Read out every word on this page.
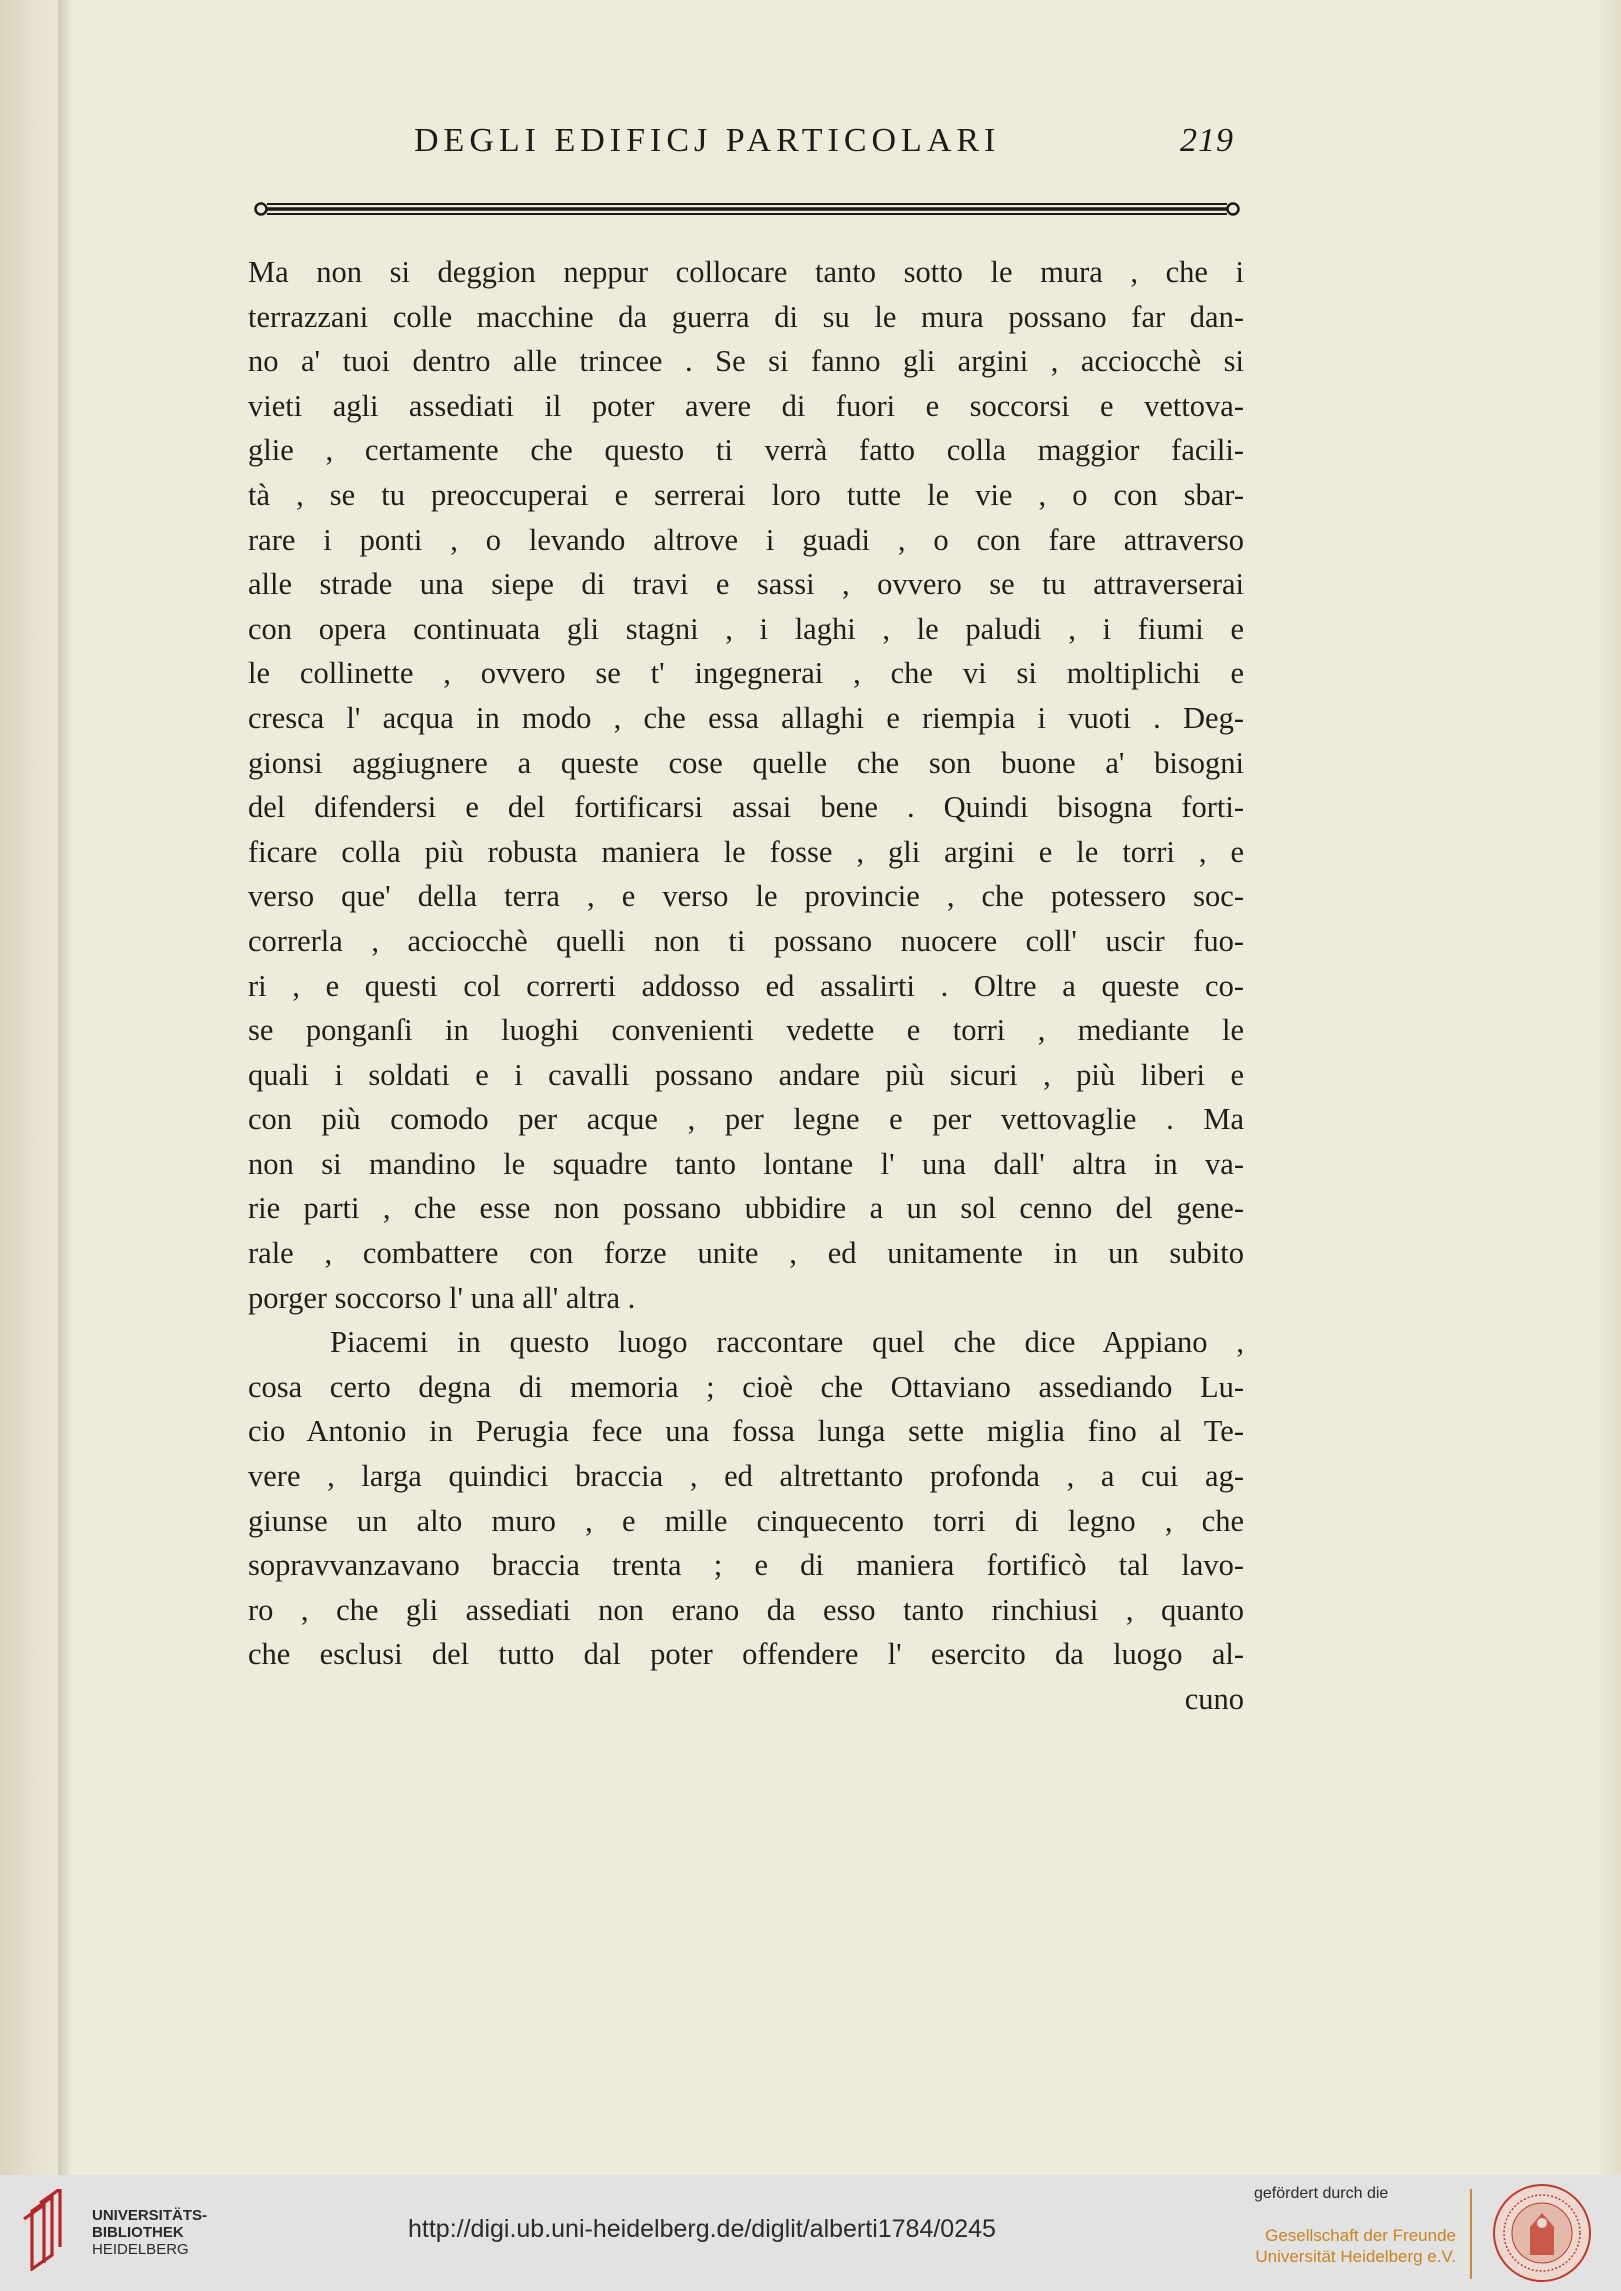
DEGLI EDIFICJ PARTICOLARI	219
Ma non si deggion neppur collocare tanto sotto le mura , che i
terrazzani colle macchine da guerra di su le mura possano far dan-
no a' tuoi dentro alle trincee . Se si fanno gli argini , acciocchè si
vieti agli assediati il poter avere di fuori e soccorsi e vettova-
glie , certamente che questo ti verrà fatto colla maggior facili-
tà , se tu preoccuperai e serrerai loro tutte le vie , o con sbar-
rare i ponti , o levando altrove i guadi , o con fare attraverso
alle strade una siepe di travi e sassi , ovvero se tu attraverserai
con opera continuata gli stagni , i laghi , le paludi , i fiumi e
le collinette , ovvero se t' ingegnerai , che vi si moltiplichi e
cresca l' acqua in modo , che essa allaghi e riempia i vuoti . Deg-
gionsi aggiugnere a queste cose quelle che son buone a' bisogni
del difendersi e del fortificarsi assai bene . Quindi bisogna forti-
ficare colla più robusta maniera le fosse , gli argini e le torri , e
verso que' della terra , e verso le provincie , che potessero soc-
correrla , acciocchè quelli non ti possano nuocere coll' uscir fuo-
ri , e questi col correrti addosso ed assalirti . Oltre a queste co-
se ponganſi in luoghi convenienti vedette e torri , mediante le
quali i soldati e i cavalli possano andare più sicuri , più liberi e
con più comodo per acque , per legne e per vettovaglie . Ma
non si mandino le squadre tanto lontane l' una dall' altra in va-
rie parti , che esse non possano ubbidire a un sol cenno del gene-
rale , combattere con forze unite , ed unitamente in un subito
porger soccorso l' una all' altra .
Piacemi in questo luogo raccontare quel che dice Appiano ,
cosa certo degna di memoria ; cioè che Ottaviano assediando Lu-
cio Antonio in Perugia fece una fossa lunga sette miglia fino al Te-
vere , larga quindici braccia , ed altrettanto profonda , a cui ag-
giunse un alto muro , e mille cinquecento torri di legno , che
sopravvanzavano braccia trenta ; e di maniera fortificò tal lavo-
ro , che gli assediati non erano da esso tanto rinchiusi , quanto
che esclusi del tutto dal poter offendere l' esercito da luogo al-
cuno
UNIVERSITÄTS-
BIBLIOTHEK
HEIDELBERG
http://digi.ub.uni-heidelberg.de/diglit/alberti1784/0245
gefördert durch die
Gesellschaft der Freunde
Universität Heidelberg e.V.
